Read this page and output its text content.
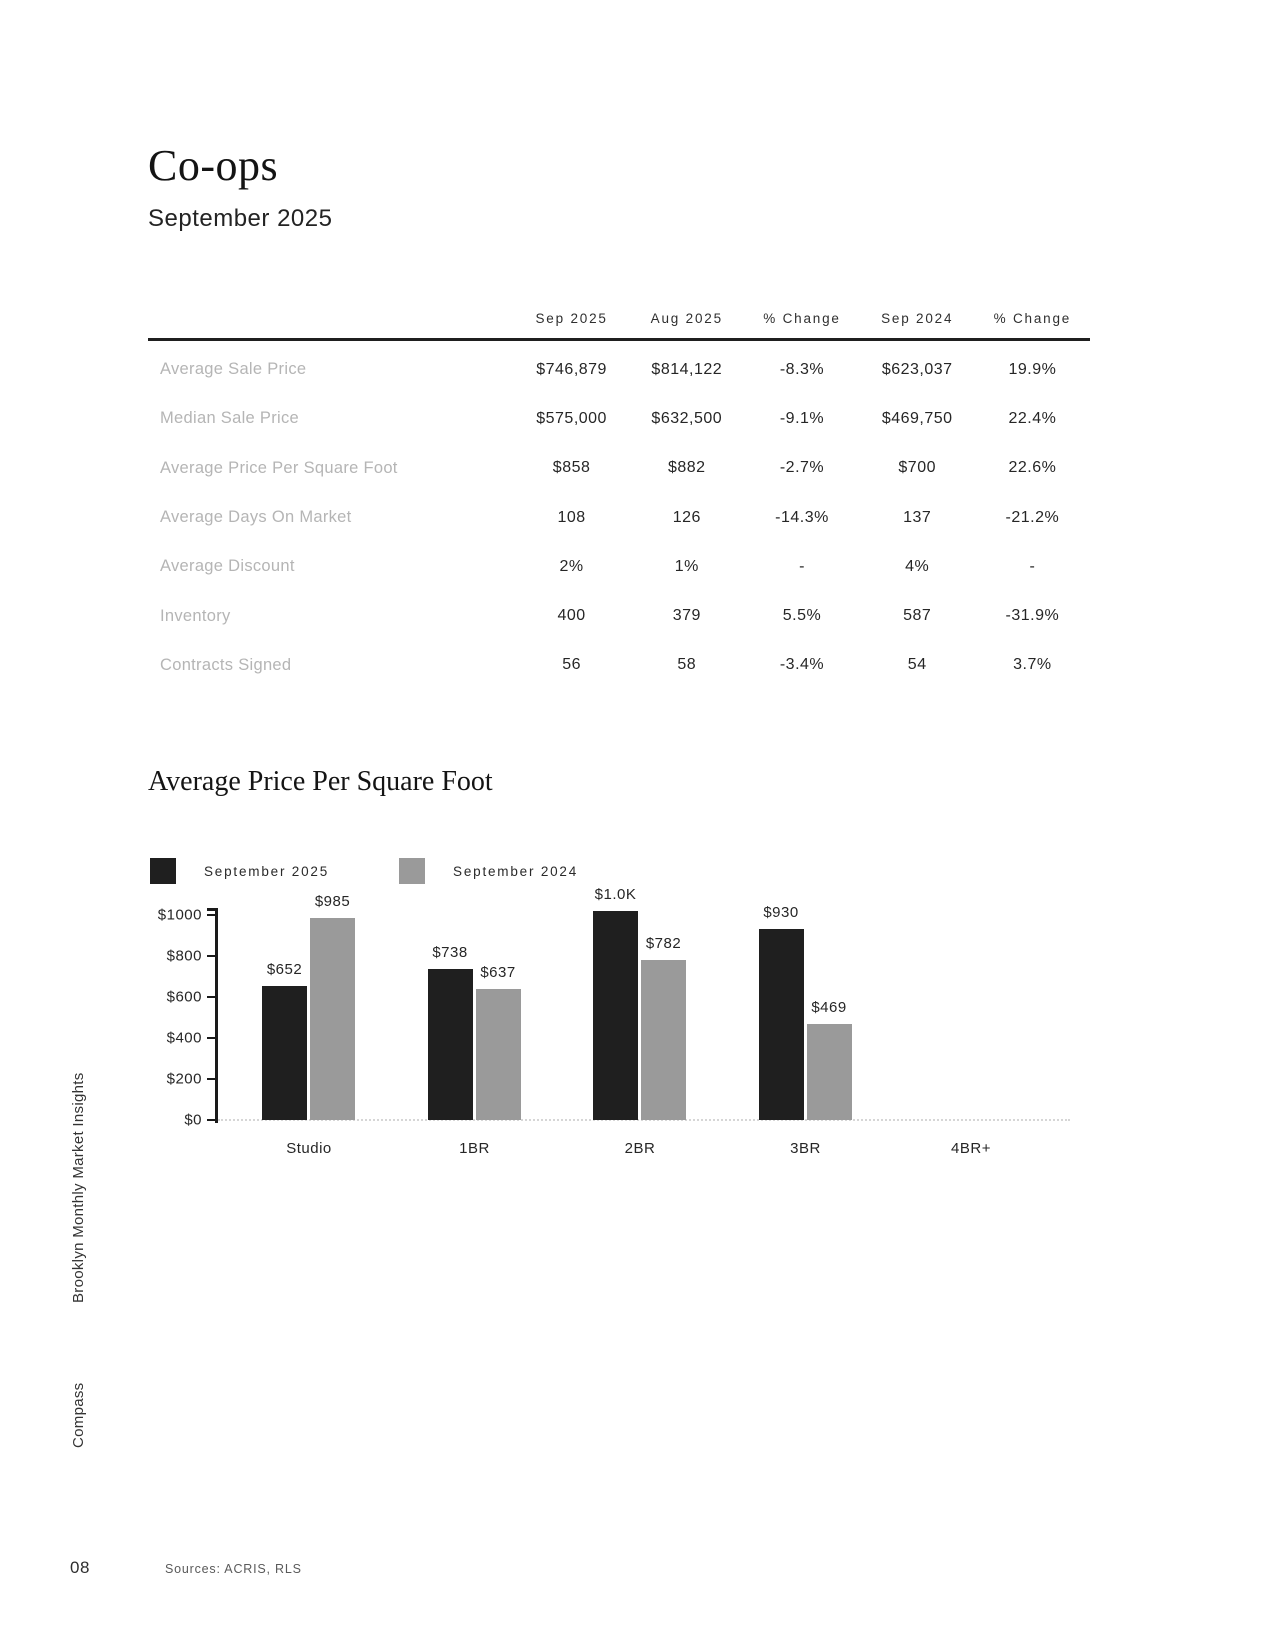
Co-ops
September 2025
Sep 2025	Aug 2025	% Change	Sep 2024	% Change
Average Sale Price	$746,879	$814,122	-8.3%	$623,037	19.9%
Median Sale Price	$575,000	$632,500	-9.1%	$469,750	22.4%
Average Price Per Square Foot	$858	$882	-2.7%	$700	22.6%
Average Days On Market	108	126	-14.3%	137	-21.2%
Average Discount	2%	1%	-	4%	-
Inventory	400	379	5.5%	587	-31.9%
Contracts Signed	56	58	-3.4%	54	3.7%
Average Price Per Square Foot
September 2025	September 2024
$0
$200
$400
$600
$800
$1000
$652
$985
Studio
$738
$637
1BR
$1.0K
$782
2BR
$930
$469
3BR	4BR+
Brooklyn Monthly Market Insights
Compass
08	Sources: ACRIS, RLS
